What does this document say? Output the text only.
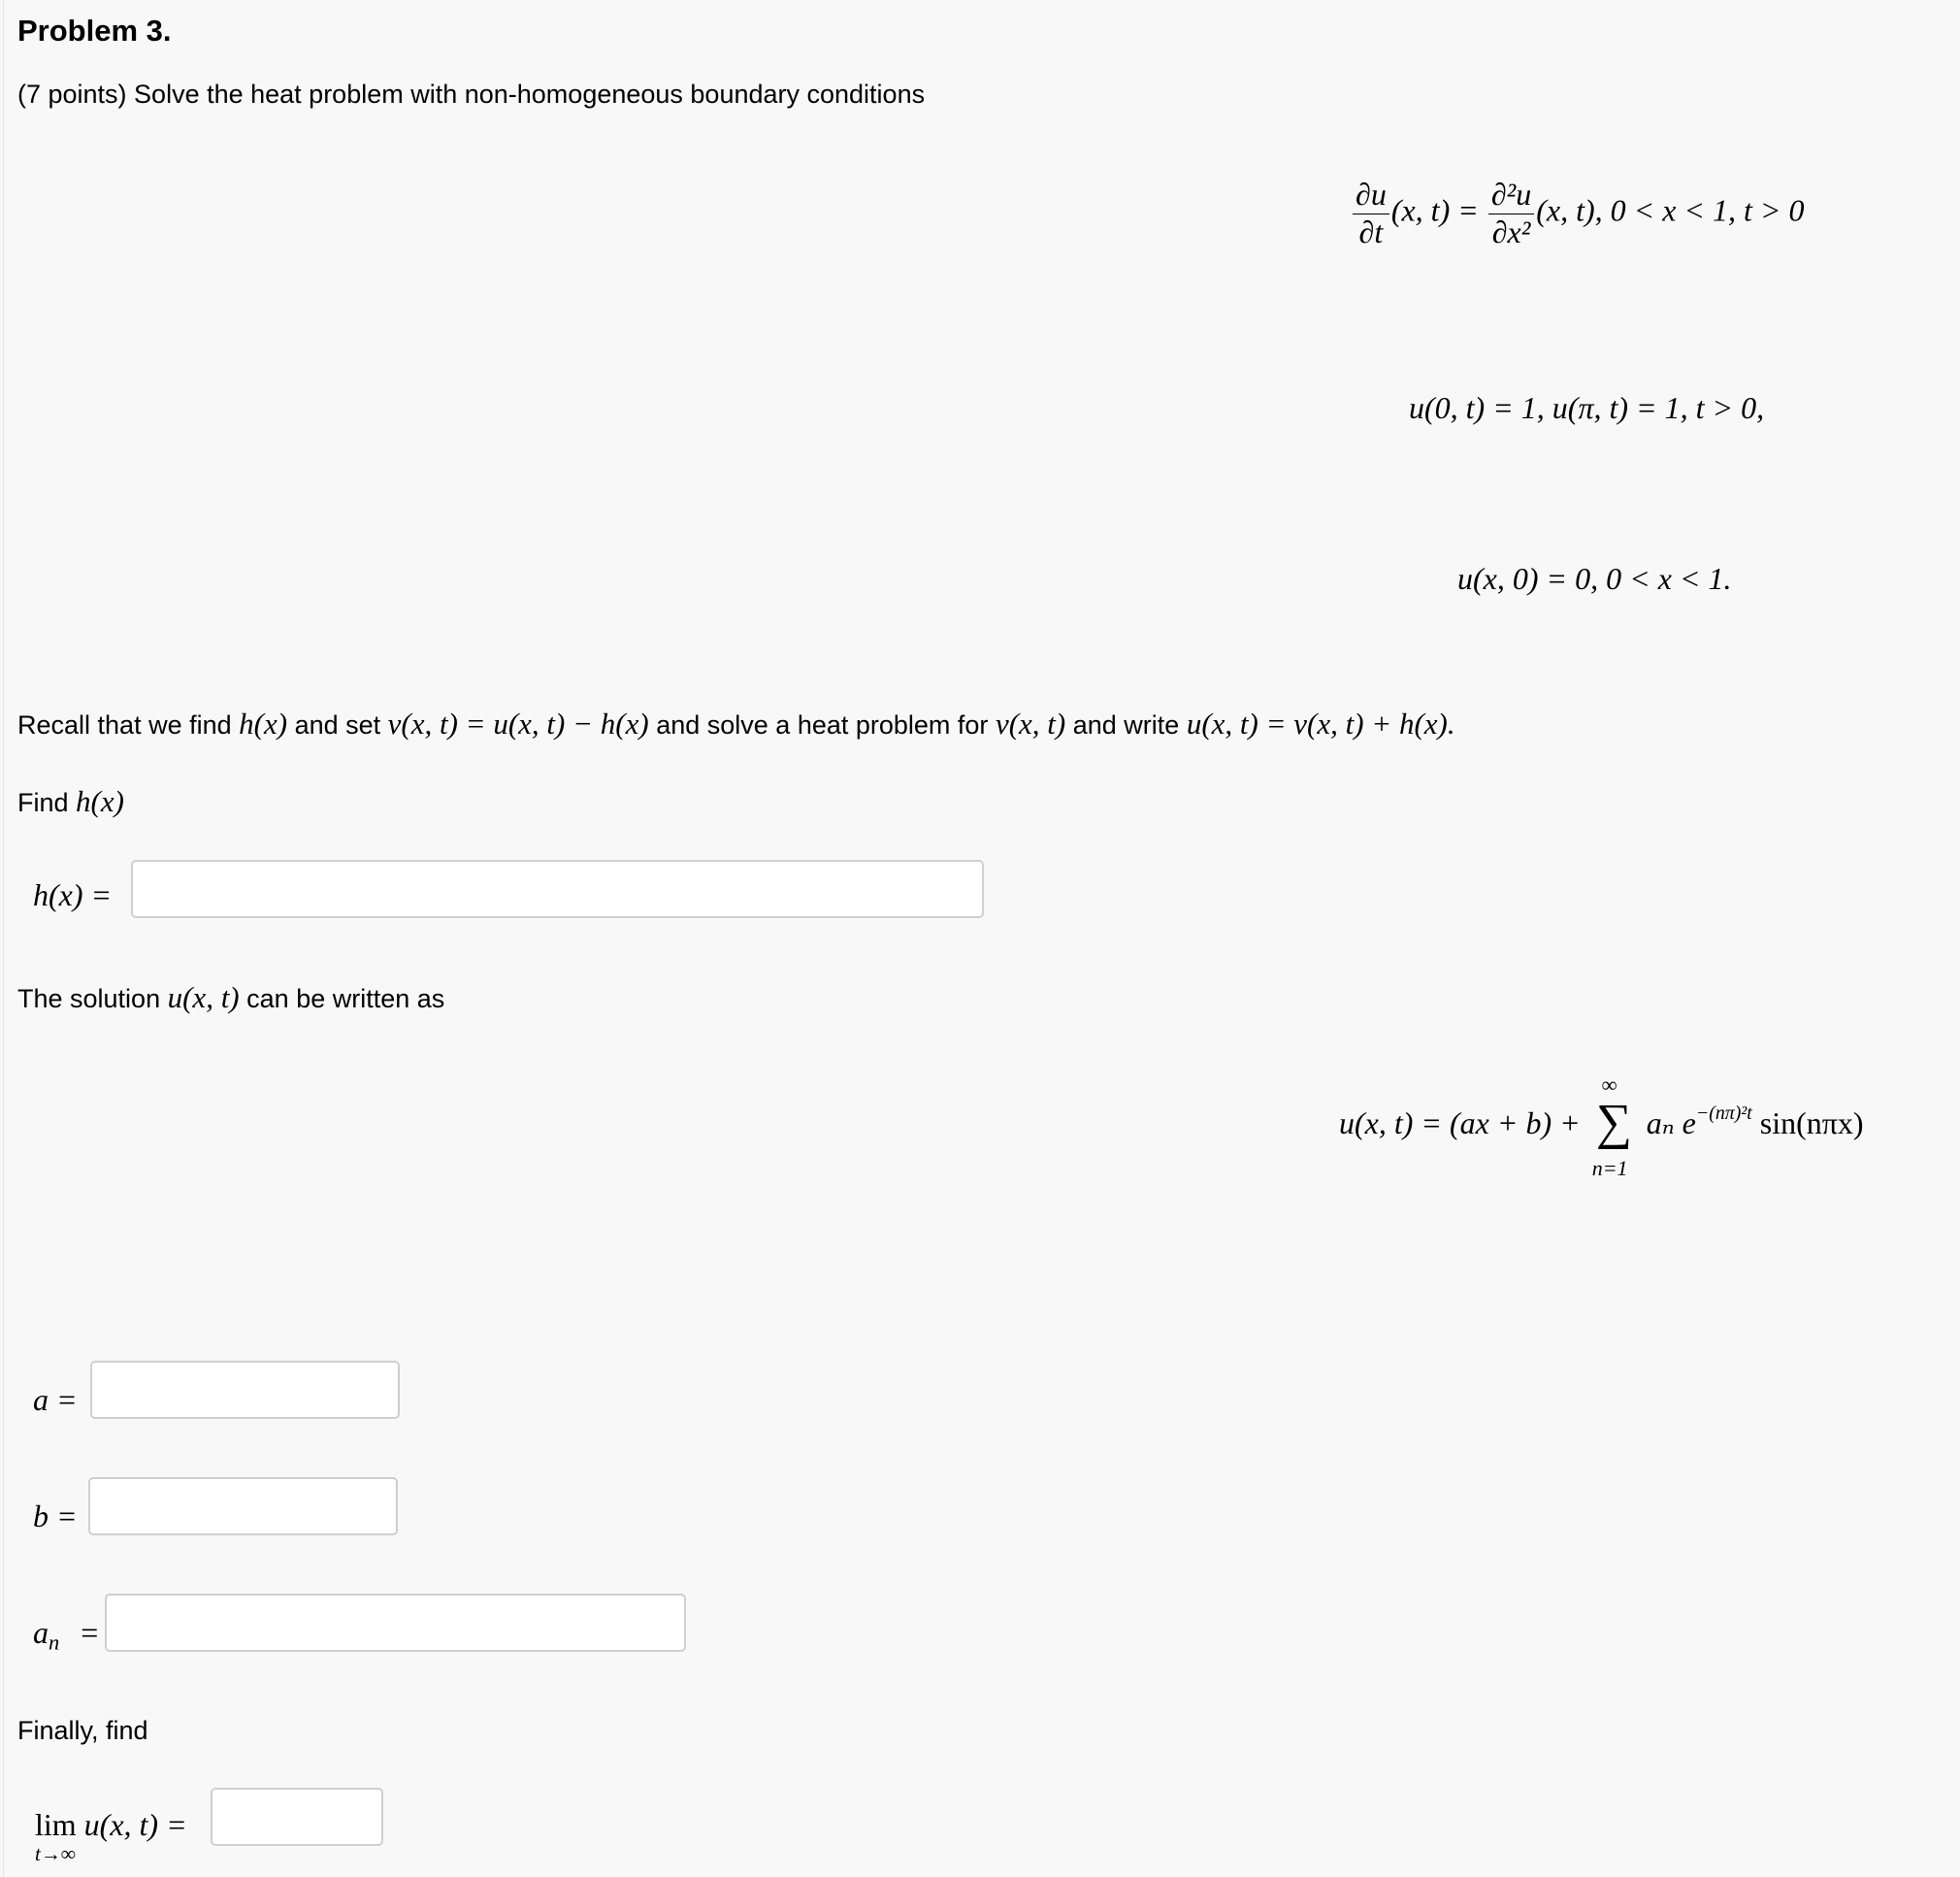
Problem 3.
(7 points) Solve the heat problem with non-homogeneous boundary conditions
$\frac{\partial u}{\partial t} (x$, $t) = \frac{\text{∂²u}}{\text{∂x²}} (x$, t), 0 < x < 1, t > 0
u(0, t) = 1, u(π, t) = 1, t > 0,
u(x, 0) = 0, 0 < x < 1.
Recall that we find h(x) and set v(x, t) = u(x, t) − h(x) and solve a heat problem for v(x, t) and write u(x, t) = v(x, t) + h(x).
Find h(x)
h(x) =
The solution u(x, t) can be written as
u(x, t) = (ax + b) +
∞
∑
n=1
aₙ $e^{-(n\pi)^2t}$ sin(nπx)
a =
b =
$a_n$ =
Finally, find
lim
t→∞
u(x, t) =
